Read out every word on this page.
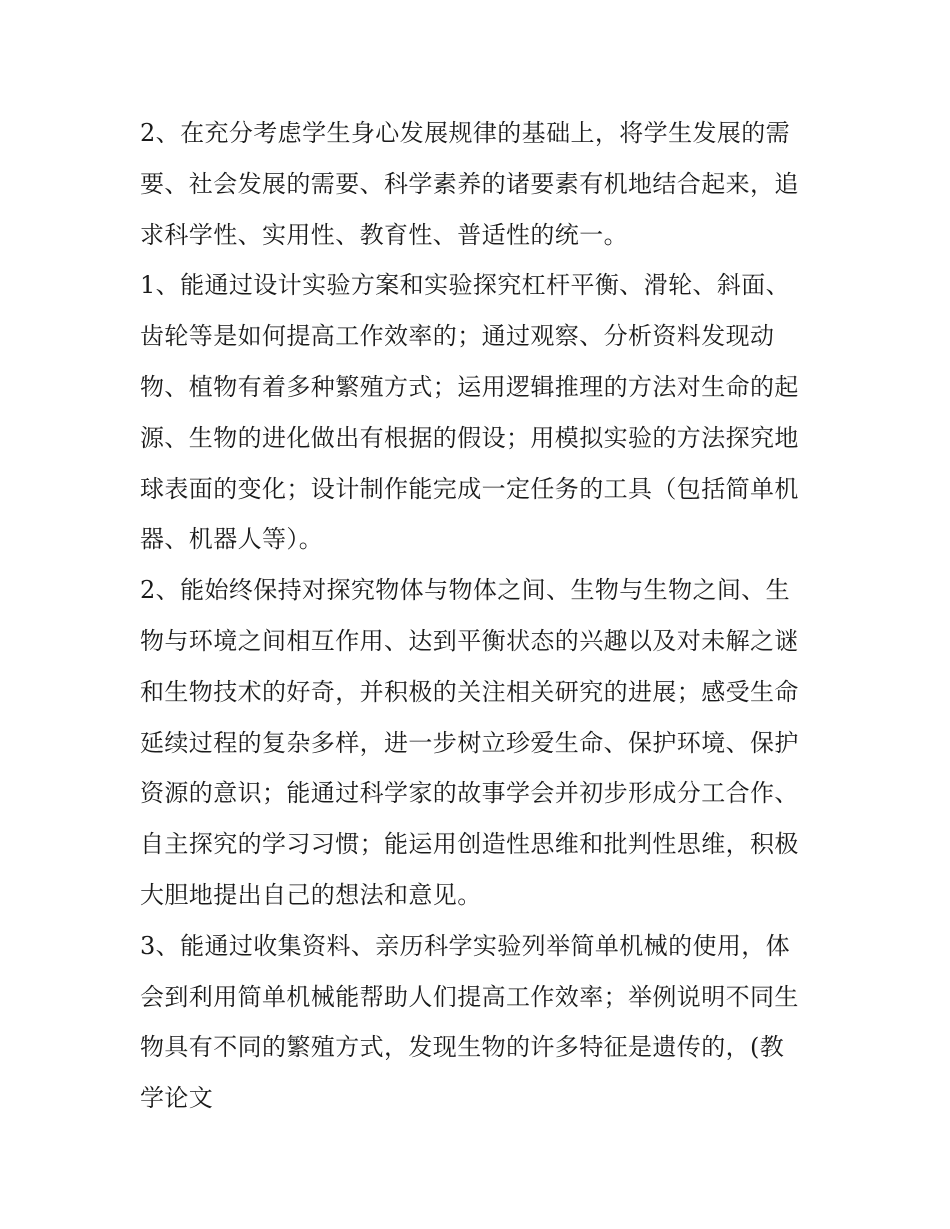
2、在充分考虑学生身心发展规律的基础上，将学生发展的需
要、社会发展的需要、科学素养的诸要素有机地结合起来，追
求科学性、实用性、教育性、普适性的统一。
1、能通过设计实验方案和实验探究杠杆平衡、滑轮、斜面、
齿轮等是如何提高工作效率的；通过观察、分析资料发现动
物、植物有着多种繁殖方式；运用逻辑推理的方法对生命的起
源、生物的进化做出有根据的假设；用模拟实验的方法探究地
球表面的变化；设计制作能完成一定任务的工具（包括简单机
器、机器人等）。
2、能始终保持对探究物体与物体之间、生物与生物之间、生
物与环境之间相互作用、达到平衡状态的兴趣以及对未解之谜
和生物技术的好奇，并积极的关注相关研究的进展；感受生命
延续过程的复杂多样，进一步树立珍爱生命、保护环境、保护
资源的意识；能通过科学家的故事学会并初步形成分工合作、
自主探究的学习习惯；能运用创造性思维和批判性思维，积极
大胆地提出自己的想法和意见。
3、能通过收集资料、亲历科学实验列举简单机械的使用，体
会到利用简单机械能帮助人们提高工作效率；举例说明不同生
物具有不同的繁殖方式，发现生物的许多特征是遗传的，(教
学论文
